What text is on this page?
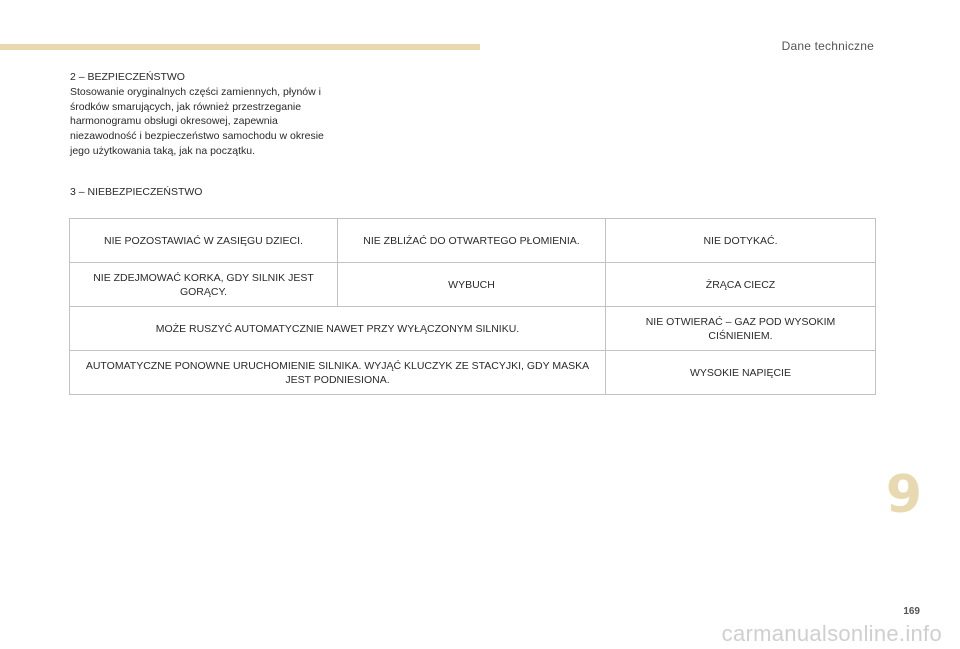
Dane techniczne

2 – BEZPIECZEŃSTWO

Stosowanie oryginalnych części zamiennych, płynów i środków smarujących, jak również przestrzeganie harmonogramu obsługi okresowej, zapewnia niezawodność i bezpieczeństwo samochodu w okresie jego użytkowania taką, jak na początku.

3 – NIEBEZPIECZEŃSTWO
NIE POZOSTAWIAĆ W ZASIĘGU DZIECI.	NIE ZBLIŻAĆ DO OTWARTEGO PŁOMIENIA.	NIE DOTYKAĆ.
NIE ZDEJMOWAĆ KORKA, GDY SILNIK JEST GORĄCY.	WYBUCH	ŻRĄCA CIECZ
MOŻE RUSZYĆ AUTOMATYCZNIE NAWET PRZY WYŁĄCZONYM SILNIKU.		NIE OTWIERAĆ – GAZ POD WYSOKIM CIŚNIENIEM.
AUTOMATYCZNE PONOWNE URUCHOMIENIE SILNIKA. WYJĄĆ KLUCZYK ZE STACYJKI, GDY MASKA JEST PODNIESIONA.		WYSOKIE NAPIĘCIE
9
169
carmanualsonline.info
